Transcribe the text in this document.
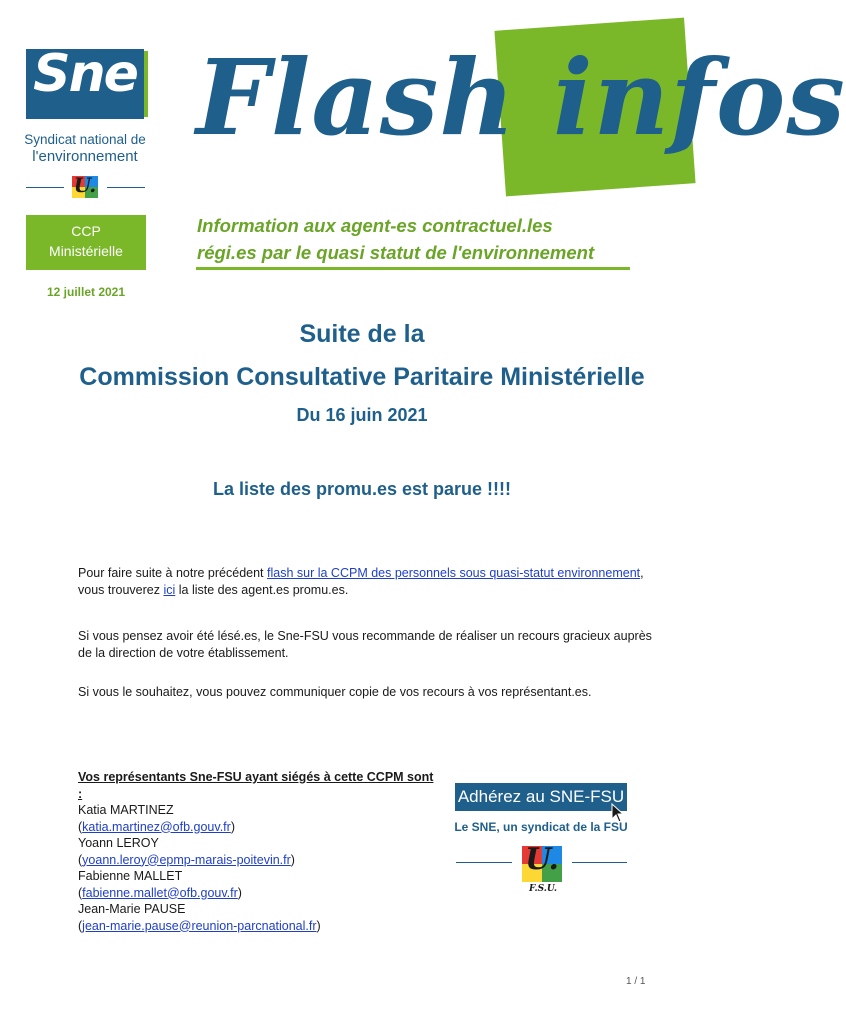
Sne
Syndicat national de
l'environnement
U.
CCP
Ministérielle
12 juillet 2021
Flash infos
Information aux agent-es contractuel.les
régi.es par le quasi statut de l'environnement
Suite de la
Commission Consultative Paritaire Ministérielle
Du 16 juin 2021
La liste des promu.es est parue !!!!
Pour faire suite à notre précédent flash sur la CCPM des personnels sous quasi-statut environnement,
vous trouverez ici la liste des agent.es promu.es.
Si vous pensez avoir été lésé.es, le Sne-FSU vous recommande de réaliser un recours gracieux auprès de la direction de votre établissement.
Si vous le souhaitez, vous pouvez communiquer copie de vos recours à vos représentant.es.
Vos représentants Sne-FSU ayant siégés à cette CCPM sont :
Katia MARTINEZ
(katia.martinez@ofb.gouv.fr)
Yoann LEROY
(yoann.leroy@epmp-marais-poitevin.fr)
Fabienne MALLET
(fabienne.mallet@ofb.gouv.fr)
Jean-Marie PAUSE
(jean-marie.pause@reunion-parcnational.fr)
Adhérez au SNE-FSU
Le SNE, un syndicat de la FSU
U.
F.S.U.
1 / 1
